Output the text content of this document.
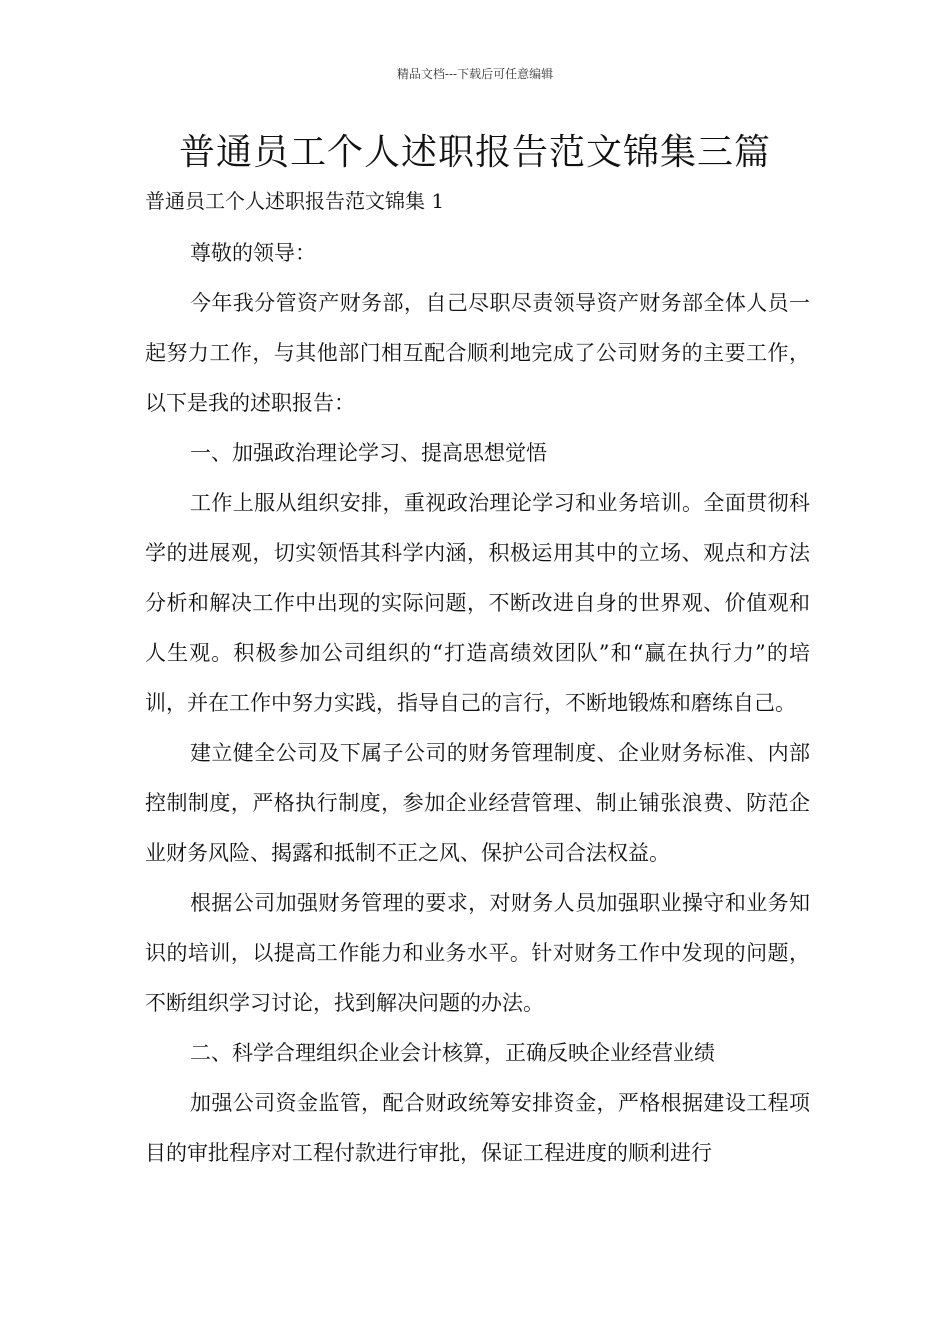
精品文档---下载后可任意编辑
普通员工个人述职报告范文锦集三篇
普通员工个人述职报告范文锦集 1

尊敬的领导：

今年我分管资产财务部，自己尽职尽责领导资产财务部全体人员一起努力工作，与其他部门相互配合顺利地完成了公司财务的主要工作，以下是我的述职报告：

一、加强政治理论学习、提高思想觉悟

工作上服从组织安排，重视政治理论学习和业务培训。全面贯彻科学的进展观，切实领悟其科学内涵，积极运用其中的立场、观点和方法分析和解决工作中出现的实际问题，不断改进自身的世界观、价值观和人生观。积极参加公司组织的“打造高绩效团队”和“赢在执行力”的培训，并在工作中努力实践，指导自己的言行，不断地锻炼和磨练自己。

建立健全公司及下属子公司的财务管理制度、企业财务标准、内部控制制度，严格执行制度，参加企业经营管理、制止铺张浪费、防范企业财务风险、揭露和抵制不正之风、保护公司合法权益。

根据公司加强财务管理的要求，对财务人员加强职业操守和业务知识的培训，以提高工作能力和业务水平。针对财务工作中发现的问题，不断组织学习讨论，找到解决问题的办法。

二、科学合理组织企业会计核算，正确反映企业经营业绩

加强公司资金监管，配合财政统筹安排资金，严格根据建设工程项目的审批程序对工程付款进行审批，保证工程进度的顺利进行
